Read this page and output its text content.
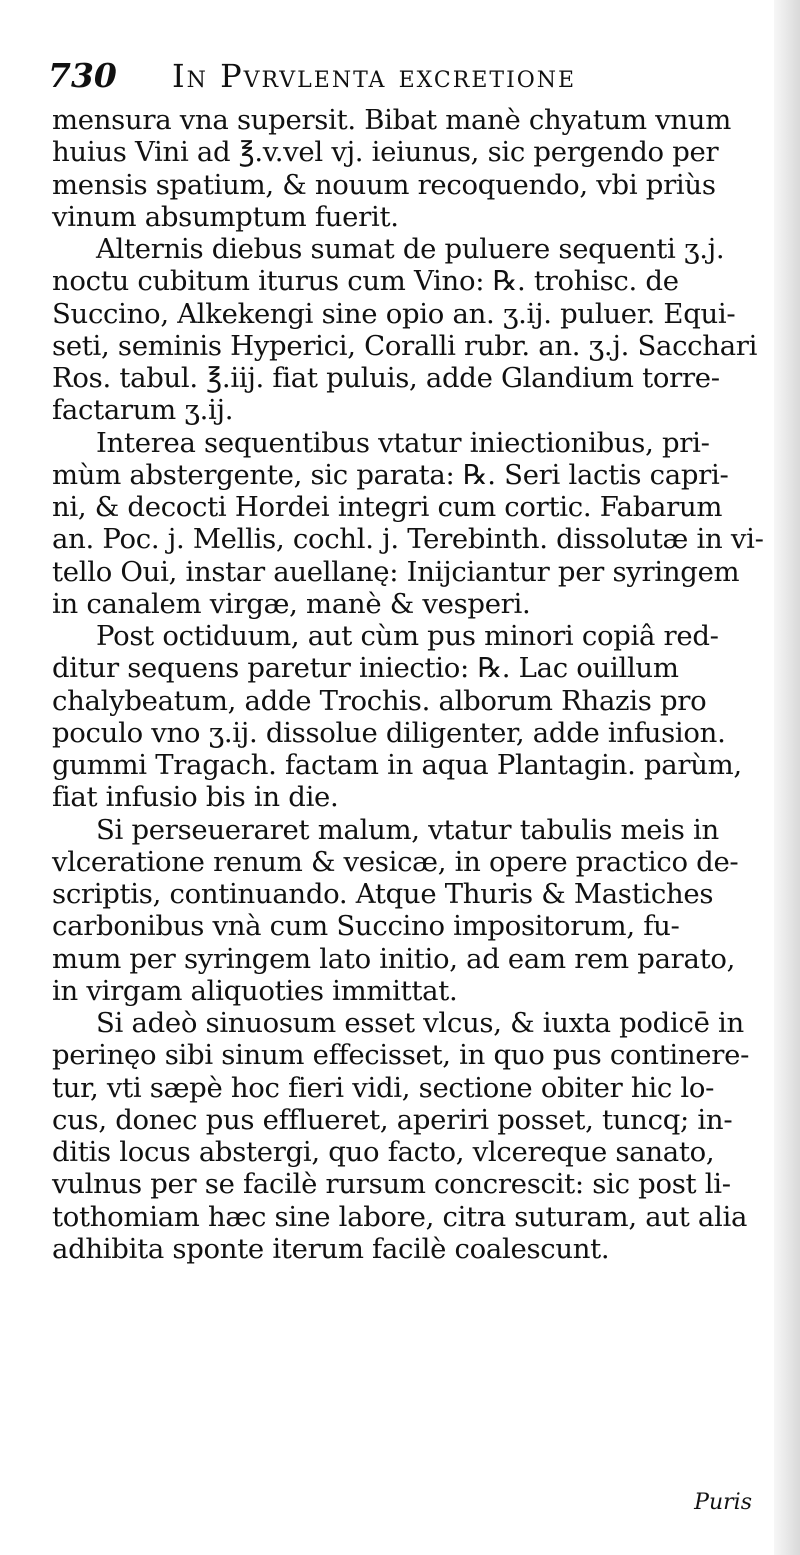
730 In Pvrvlenta excretione
mensura vna supersit. Bibat manè chyatum vnum
huius Vini ad ℥.v.vel vj. ieiunus, sic pergendo per
mensis spatium, & nouum recoquendo, vbi priùs
vinum absumptum fuerit.
Alternis diebus sumat de puluere sequenti ʒ.j.
noctu cubitum iturus cum Vino: ℞. trohisc. de
Succino, Alkekengi sine opio an. ʒ.ij. puluer. Equi-
seti, seminis Hyperici, Coralli rubr. an. ʒ.j. Sacchari
Ros. tabul. ℥.iij. fiat puluis, adde Glandium torre-
factarum ʒ.ij.
Interea sequentibus vtatur iniectionibus, pri-
mùm abstergente, sic parata: ℞. Seri lactis capri-
ni, & decocti Hordei integri cum cortic. Fabarum
an. Poc. j. Mellis, cochl. j. Terebinth. dissolutæ in vi-
tello Oui, instar auellanę: Inijciantur per syringem
in canalem virgæ, manè & vesperi.
Post octiduum, aut cùm pus minori copiâ red-
ditur sequens paretur iniectio: ℞. Lac ouillum
chalybeatum, adde Trochis. alborum Rhazis pro
poculo vno ʒ.ij. dissolue diligenter, adde infusion.
gummi Tragach. factam in aqua Plantagin. parùm,
fiat infusio bis in die.
Si perseueraret malum, vtatur tabulis meis in
vlceratione renum & vesicæ, in opere practico de-
scriptis, continuando. Atque Thuris & Mastiches
carbonibus vnà cum Succino impositorum, fu-
mum per syringem lato initio, ad eam rem parato,
in virgam aliquoties immittat.
Si adeò sinuosum esset vlcus, & iuxta podicē in
perinęo sibi sinum effecisset, in quo pus continere-
tur, vti sæpè hoc fieri vidi, sectione obiter hic lo-
cus, donec pus efflueret, aperiri posset, tuncq; in-
ditis locus abstergi, quo facto, vlcereque sanato,
vulnus per se facilè rursum concrescit: sic post li-
tothomiam hæc sine labore, citra suturam, aut alia
adhibita sponte iterum facilè coalescunt.
Puris
